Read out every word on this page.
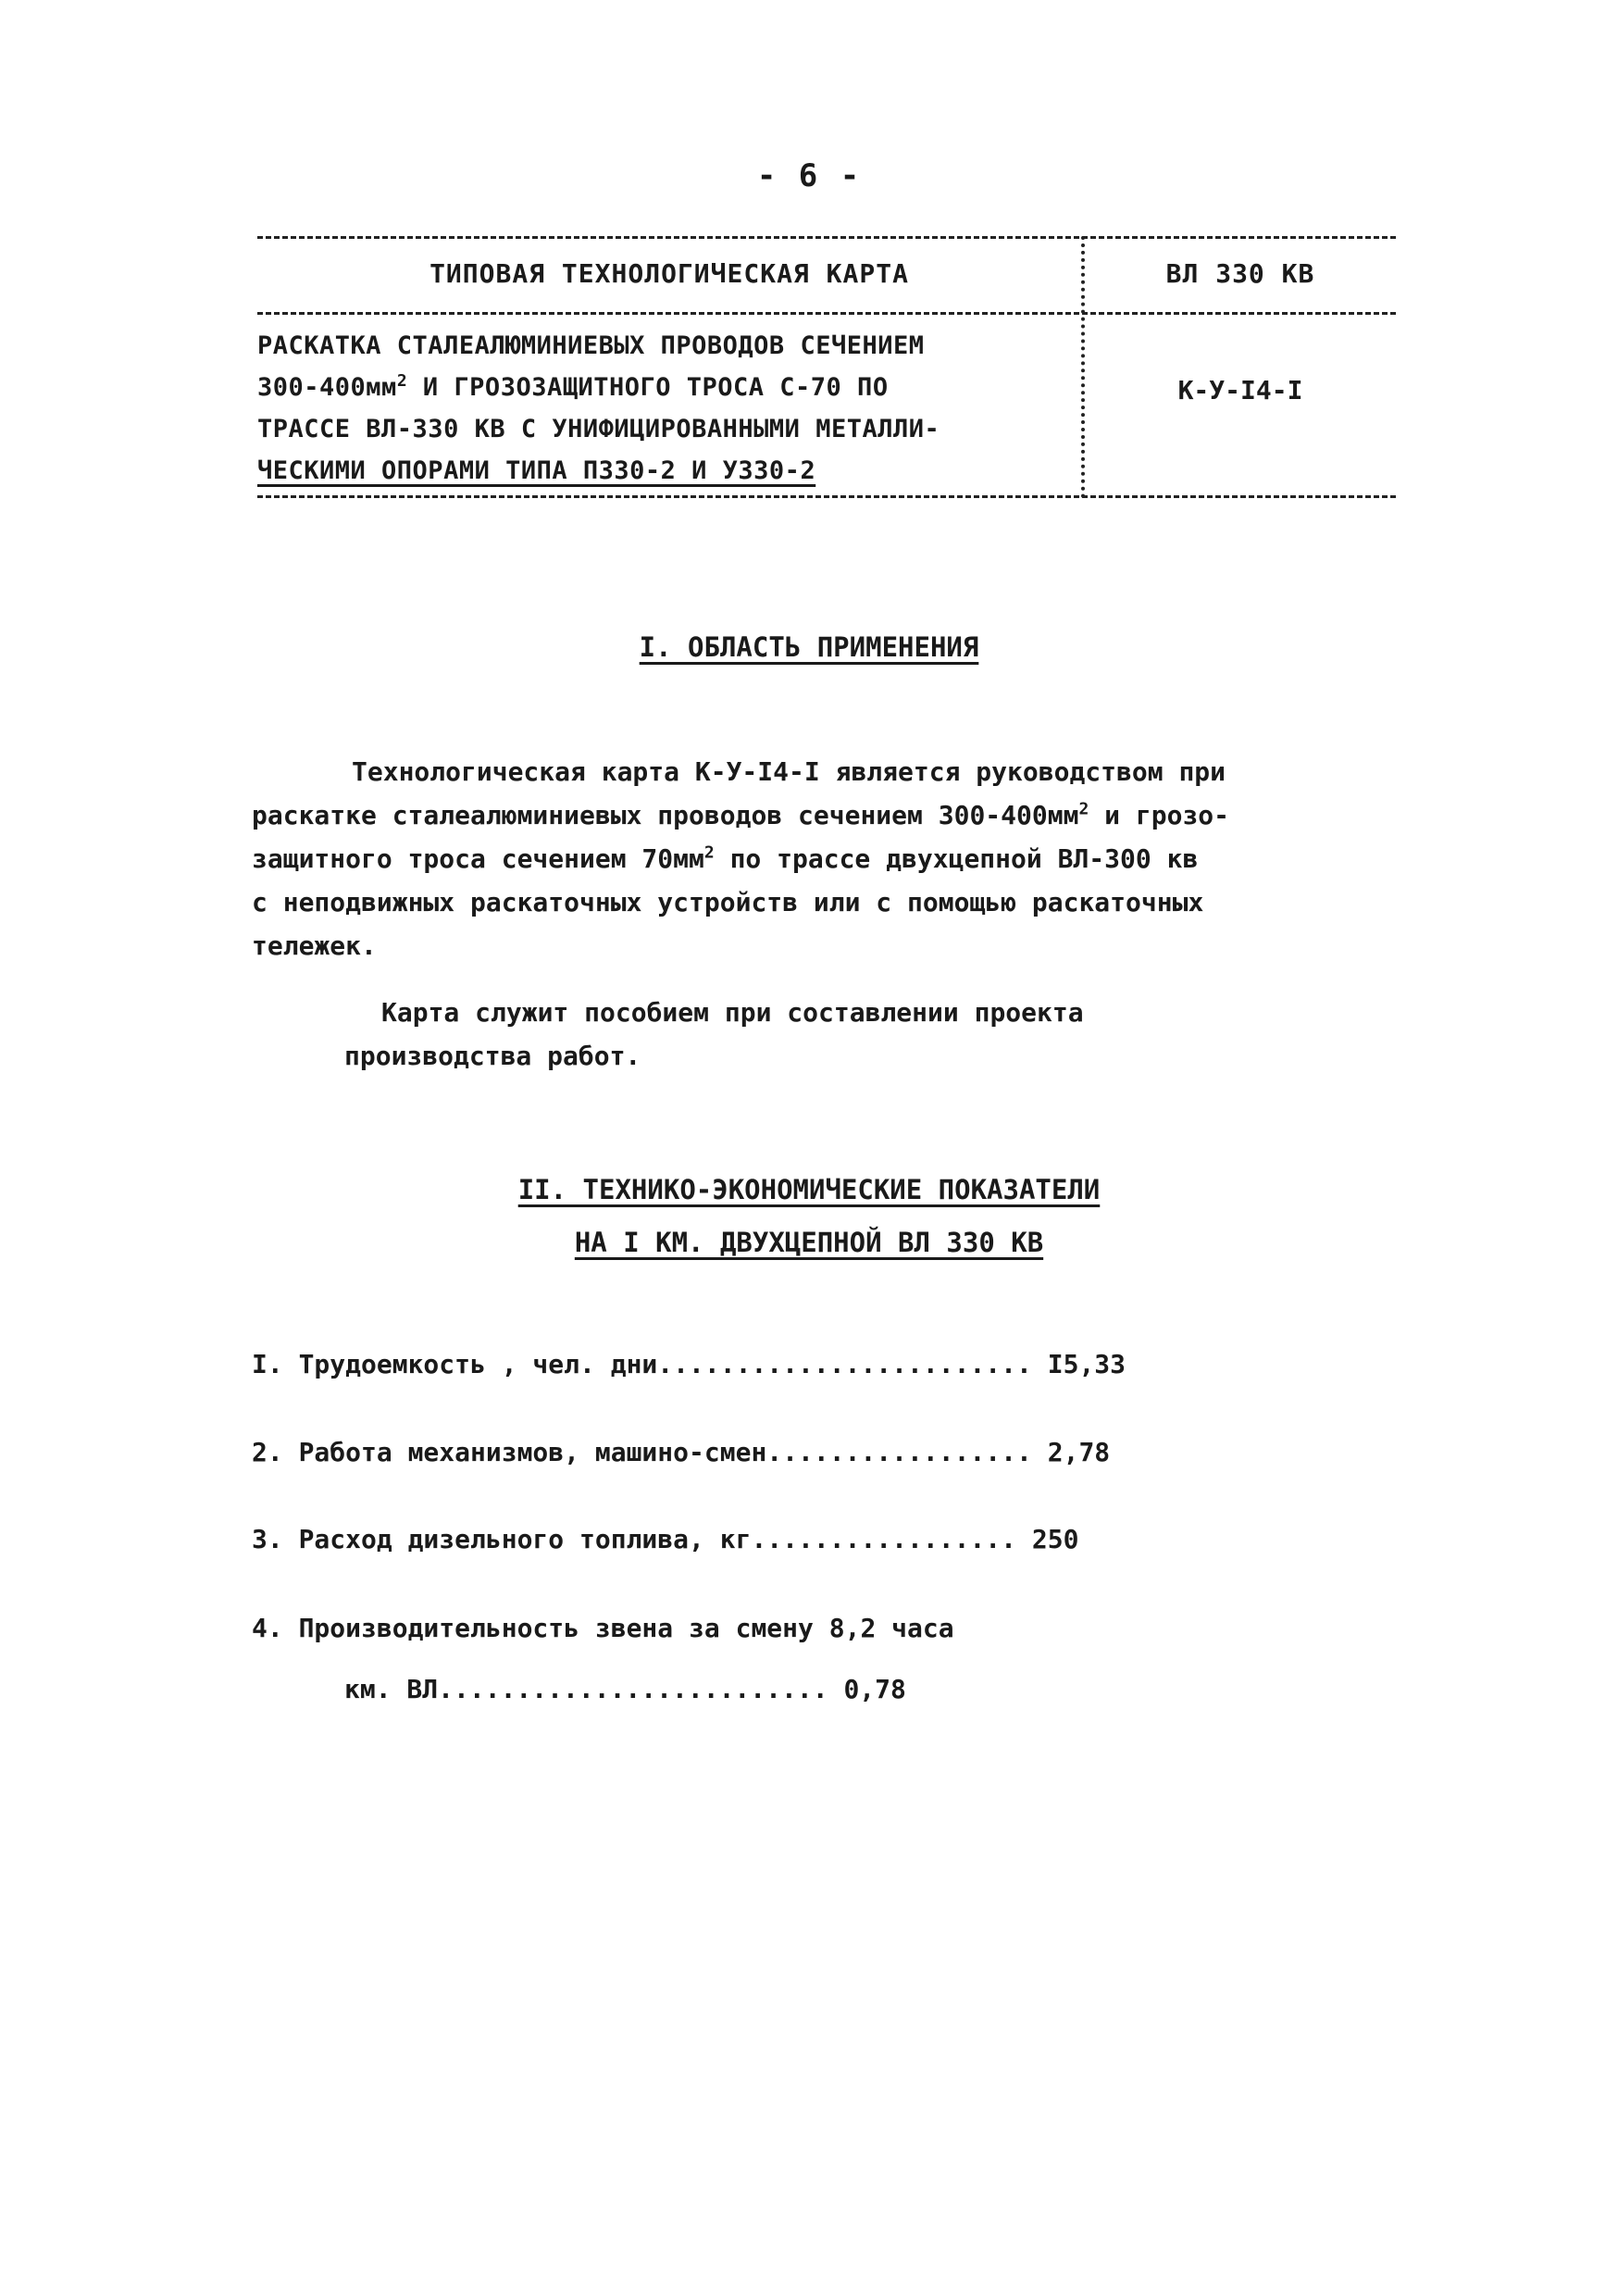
- 6 -
ТИПОВАЯ ТЕХНОЛОГИЧЕСКАЯ КАРТА	ВЛ 330 КВ
РАСКАТКА СТАЛЕАЛЮМИНИЕВЫХ ПРОВОДОВ СЕЧЕНИЕМ
$300-400мм^2$ И ГРОЗОЗАЩИТНОГО ТРОСА С-70 ПО
ТРАССЕ ВЛ-330 КВ С УНИФИЦИРОВАННЫМИ МЕТАЛЛИ-
ЧЕСКИМИ ОПОРАМИ ТИПА П330-2 И У330-2
К-У-I4-I
I. ОБЛАСТЬ ПРИМЕНЕНИЯ
Технологическая карта К-У-I4-I является руководством при
раскатке сталеалюминиевых проводов сечением $300-400мм^2$ и грозо-
защитного троса сечением $70мм^2$ по трассе двухцепной ВЛ-300 кв
с неподвижных раскаточных устройств или с помощью раскаточных
тележек.
Карта служит пособием при составлении проекта
производства работ.
II. ТЕХНИКО-ЭКОНОМИЧЕСКИЕ ПОКАЗАТЕЛИ
НА I КМ. ДВУХЦЕПНОЙ ВЛ 330 КВ
I. Трудоемкость , чел. дни........................ I5,33
2. Работа механизмов, машино-смен................. 2,78
3. Расход дизельного топлива, кг................. 250
4. Производительность звена за смену 8,2 часа
км. ВЛ......................... 0,78
